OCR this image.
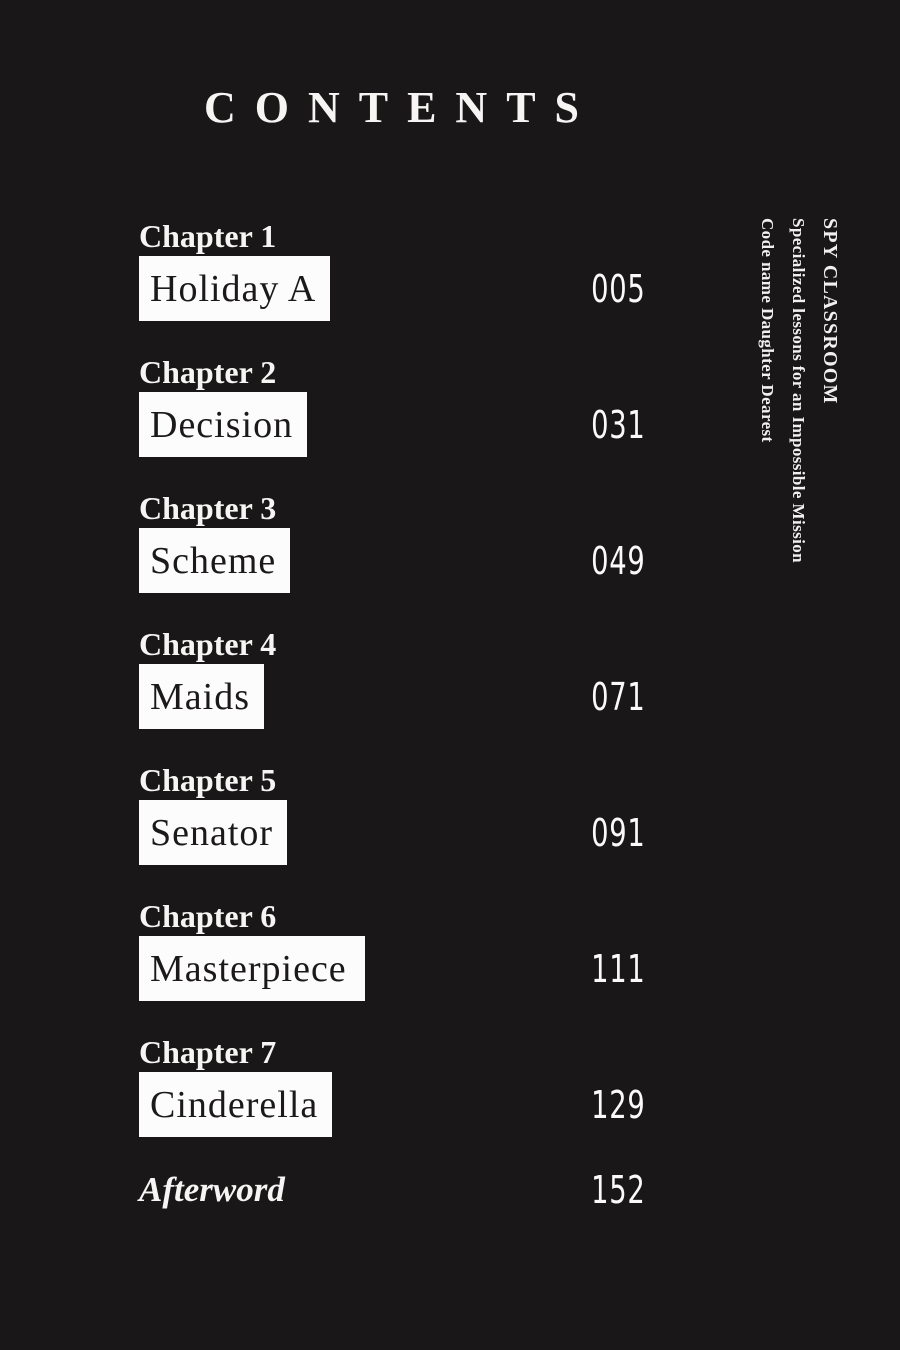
CONTENTS
Chapter 1
Holiday A	005
Chapter 2
Decision	031
Chapter 3
Scheme	049
Chapter 4
Maids	071
Chapter 5
Senator	091
Chapter 6
Masterpiece	111
Chapter 7
Cinderella	129
Afterword	152
SPY CLASSROOM
Specialized lessons for an Impossible Mission
Code name Daughter Dearest
